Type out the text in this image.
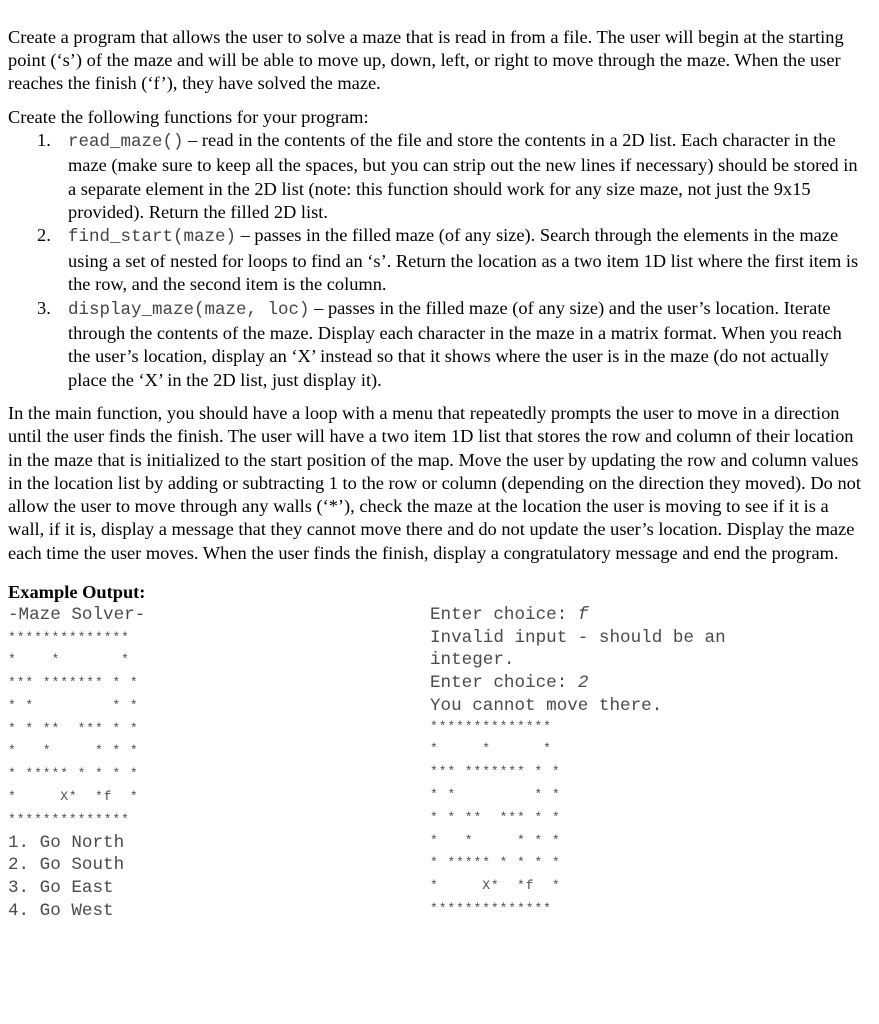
Create a program that allows the user to solve a maze that is read in from a file. The user will begin at the starting point (‘s’) of the maze and will be able to move up, down, left, or right to move through the maze. When the user reaches the finish (‘f’), they have solved the maze.

Create the following functions for your program:

1. read_maze() – read in the contents of the file and store the contents in a 2D list. Each character in the maze (make sure to keep all the spaces, but you can strip out the new lines if necessary) should be stored in a separate element in the 2D list (note: this function should work for any size maze, not just the 9x15 provided). Return the filled 2D list.
2. find_start(maze) – passes in the filled maze (of any size). Search through the elements in the maze using a set of nested for loops to find an ‘s’. Return the location as a two item 1D list where the first item is the row, and the second item is the column.
3. display_maze(maze, loc) – passes in the filled maze (of any size) and the user’s location. Iterate through the contents of the maze. Display each character in the maze in a matrix format. When you reach the user’s location, display an ‘X’ instead so that it shows where the user is in the maze (do not actually place the ‘X’ in the 2D list, just display it).

In the main function, you should have a loop with a menu that repeatedly prompts the user to move in a direction until the user finds the finish. The user will have a two item 1D list that stores the row and column of their location in the maze that is initialized to the start position of the map. Move the user by updating the row and column values in the location list by adding or subtracting 1 to the row or column (depending on the direction they moved). Do not allow the user to move through any walls (‘*’), check the maze at the location the user is moving to see if it is a wall, if it is, display a message that they cannot move there and do not update the user’s location. Display the maze each time the user moves. When the user finds the finish, display a congratulatory message and end the program.

Example Output:
-Maze Solver-
**************
*    *       *
*** ******* * *
* *         * *
* * **  *** * *
*   *     * * *
* ***** * * * *
*     X*  *f  *
**************
1. Go North
2. Go South
3. Go East
4. Go West
Enter choice: f
Invalid input - should be an
integer.
Enter choice: 2
You cannot move there.
**************
*     *      *
*** ******* * *
* *         * *
* * **  *** * *
*   *     * * *
* ***** * * * *
*     X*  *f  *
**************
